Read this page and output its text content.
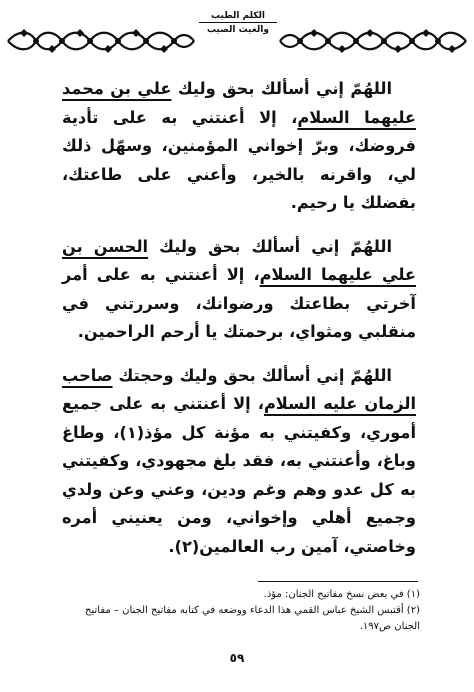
الكلم الطيب
والغيث الصيب

اللهُمّ إني أسألك بحق وليك علي بن محمد عليهما السلام، إلا أعنتني به على تأدية فروضك، وبرّ إخواني المؤمنين، وسهّل ذلك لي، واقرنه بالخير، وأعني على طاعتك، بفضلك يا رحيم.

اللهُمّ إني أسألك بحق وليك الحسن بن علي عليهما السلام، إلا أعنتني به على أمر آخرتي بطاعتك ورضوانك، وسررتني في منقلبي ومثواي، برحمتك يا أرحم الراحمين.

اللهُمّ إني أسألك بحق وليك وحجتك صاحب الزمان عليه السلام، إلا أعنتني به على جميع أموري، وكفيتني به مؤنة كل مؤذ(١)، وطاغ وباغ، وأعنتني به، فقد بلغ مجهودي، وكفيتني به كل عدو وهم وغم ودين، وعني وعن ولدي وجميع أهلي وإخواني، ومن يعنيني أمره وخاصتي، آمين رب العالمين(٢).

(١) في بعض نسخ مفاتيح الجنان: مؤذ.
(٢) أقتبس الشيخ عباس القمي هذا الدعاء ووضعه في كتابه مفاتيح الجنان – مفاتيح
الجنان ص١٩٧.
٥٩
